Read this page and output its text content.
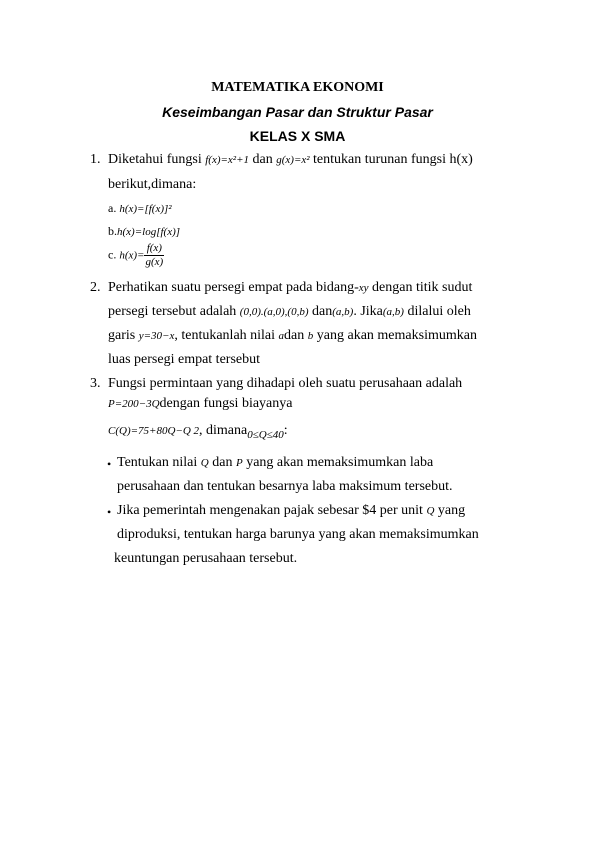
MATEMATIKA EKONOMI
Keseimbangan Pasar dan Struktur Pasar
KELAS X SMA
1. Diketahui fungsi f(x)=x²+1 dan g(x)=x² tentukan turunan fungsi h(x)
berikut,dimana:
a. h(x)=[f(x)]²
b.h(x)=log[f(x)]
c. $h(x)= \frac{f(x)}{g(x)}$
2. Perhatikan suatu persegi empat pada bidang-xy dengan titik sudut
persegi tersebut adalah (0,0).(a,0),(0,b) dan(a,b). Jika(a,b) dilalui oleh
garis y=30−x, tentukanlah nilai adan b yang akan memaksimumkan
luas persegi empat tersebut
3. Fungsi permintaan yang dihadapi oleh suatu perusahaan adalah
P=200−3Qdengan fungsi biayanya
C(Q)=75+80Q−Q 2, dimana$_{0\le Q\le 40}$:
• Tentukan nilai Q dan P yang akan memaksimumkan laba
perusahaan dan tentukan besarnya laba maksimum tersebut.
• Jika pemerintah mengenakan pajak sebesar $4 per unit Q yang
diproduksi, tentukan harga barunya yang akan memaksimumkan
keuntungan perusahaan tersebut.
